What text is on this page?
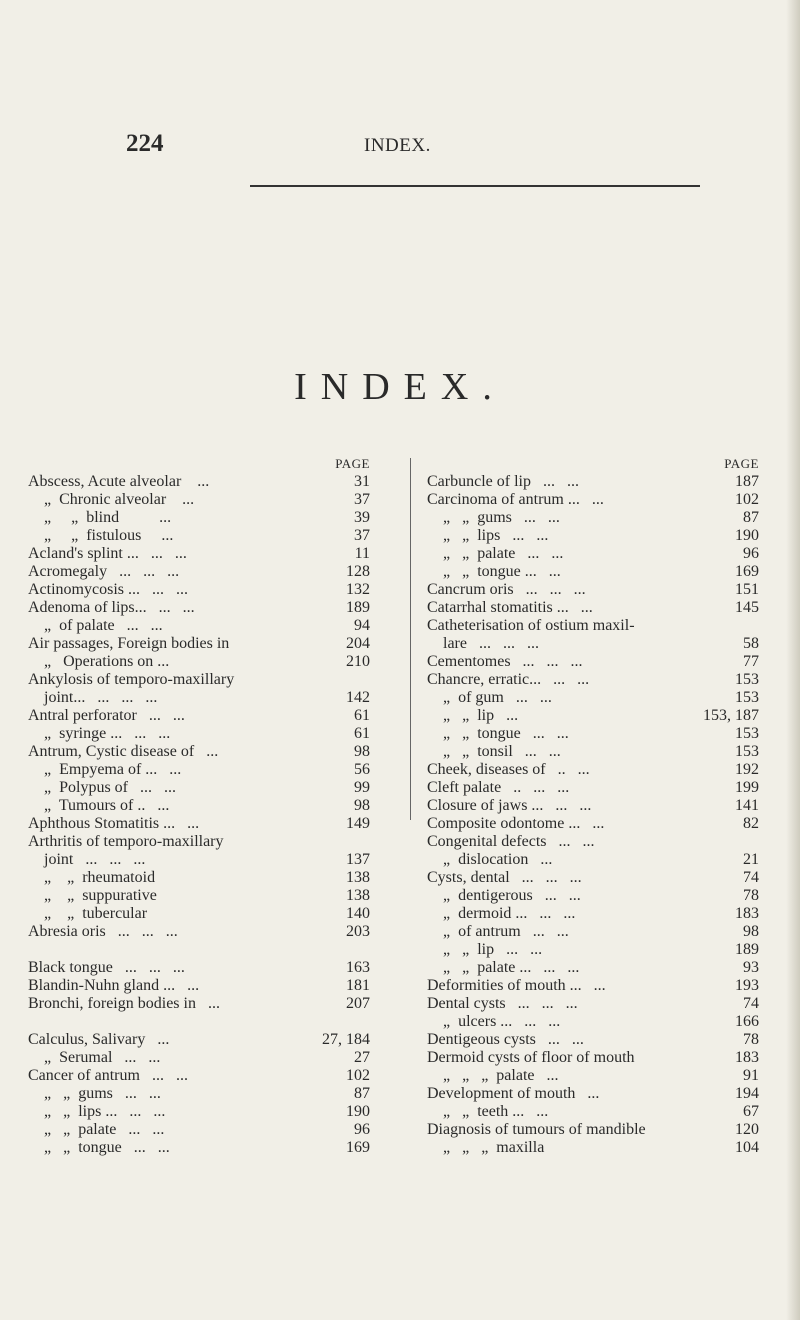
224	INDEX.
INDEX.
PAGE
Abscess, Acute alveolar    ...	31
„  Chronic alveolar    ...	37
„     „  blind          ...	39
„     „  fistulous     ...	37
Acland's splint ...   ...   ...	11
Acromegaly   ...   ...   ...	128
Actinomycosis ...   ...   ...	132
Adenoma of lips...   ...   ...	189
„  of palate   ...   ...	94
Air passages, Foreign bodies in	204
„   Operations on ...	210
Ankylosis of temporo-maxillary
joint...   ...   ...   ...	142
Antral perforator   ...   ...	61
„  syringe ...   ...   ...	61
Antrum, Cystic disease of   ...	98
„  Empyema of ...   ...	56
„  Polypus of   ...   ...	99
„  Tumours of ..   ...	98
Aphthous Stomatitis ...   ...	149
Arthritis of temporo-maxillary
joint   ...   ...   ...	137
„    „  rheumatoid	138
„    „  suppurative	138
„    „  tubercular	140
Abresia oris   ...   ...   ...	203
Black tongue   ...   ...   ...	163
Blandin-Nuhn gland ...   ...	181
Bronchi, foreign bodies in   ...	207
Calculus, Salivary   ...	27, 184
„  Serumal   ...   ...	27
Cancer of antrum   ...   ...	102
„   „  gums   ...   ...	87
„   „  lips ...   ...   ...	190
„   „  palate   ...   ...	96
„   „  tongue   ...   ...	169
PAGE
Carbuncle of lip   ...   ...	187
Carcinoma of antrum ...   ...	102
„   „  gums   ...   ...	87
„   „  lips   ...   ...	190
„   „  palate   ...   ...	96
„   „  tongue ...   ...	169
Cancrum oris   ...   ...   ...	151
Catarrhal stomatitis ...   ...	145
Catheterisation of ostium maxil-
lare   ...   ...   ...	58
Cementomes   ...   ...   ...	77
Chancre, erratic...   ...   ...	153
„  of gum   ...   ...	153
„   „  lip   ...	153, 187
„   „  tongue   ...   ...	153
„   „  tonsil   ...   ...	153
Cheek, diseases of   ..   ...	192
Cleft palate   ..   ...   ...	199
Closure of jaws ...   ...   ...	141
Composite odontome ...   ...	82
Congenital defects   ...   ...
„  dislocation   ...	21
Cysts, dental   ...   ...   ...	74
„  dentigerous   ...   ...	78
„  dermoid ...   ...   ...	183
„  of antrum   ...   ...	98
„   „  lip   ...   ...	189
„   „  palate ...   ...   ...	93
Deformities of mouth ...   ...	193
Dental cysts   ...   ...   ...	74
„  ulcers ...   ...   ...	166
Dentigeous cysts   ...   ...	78
Dermoid cysts of floor of mouth	183
„   „   „  palate   ...	91
Development of mouth   ...	194
„   „  teeth ...   ...	67
Diagnosis of tumours of mandible	120
„   „   „  maxilla	104
